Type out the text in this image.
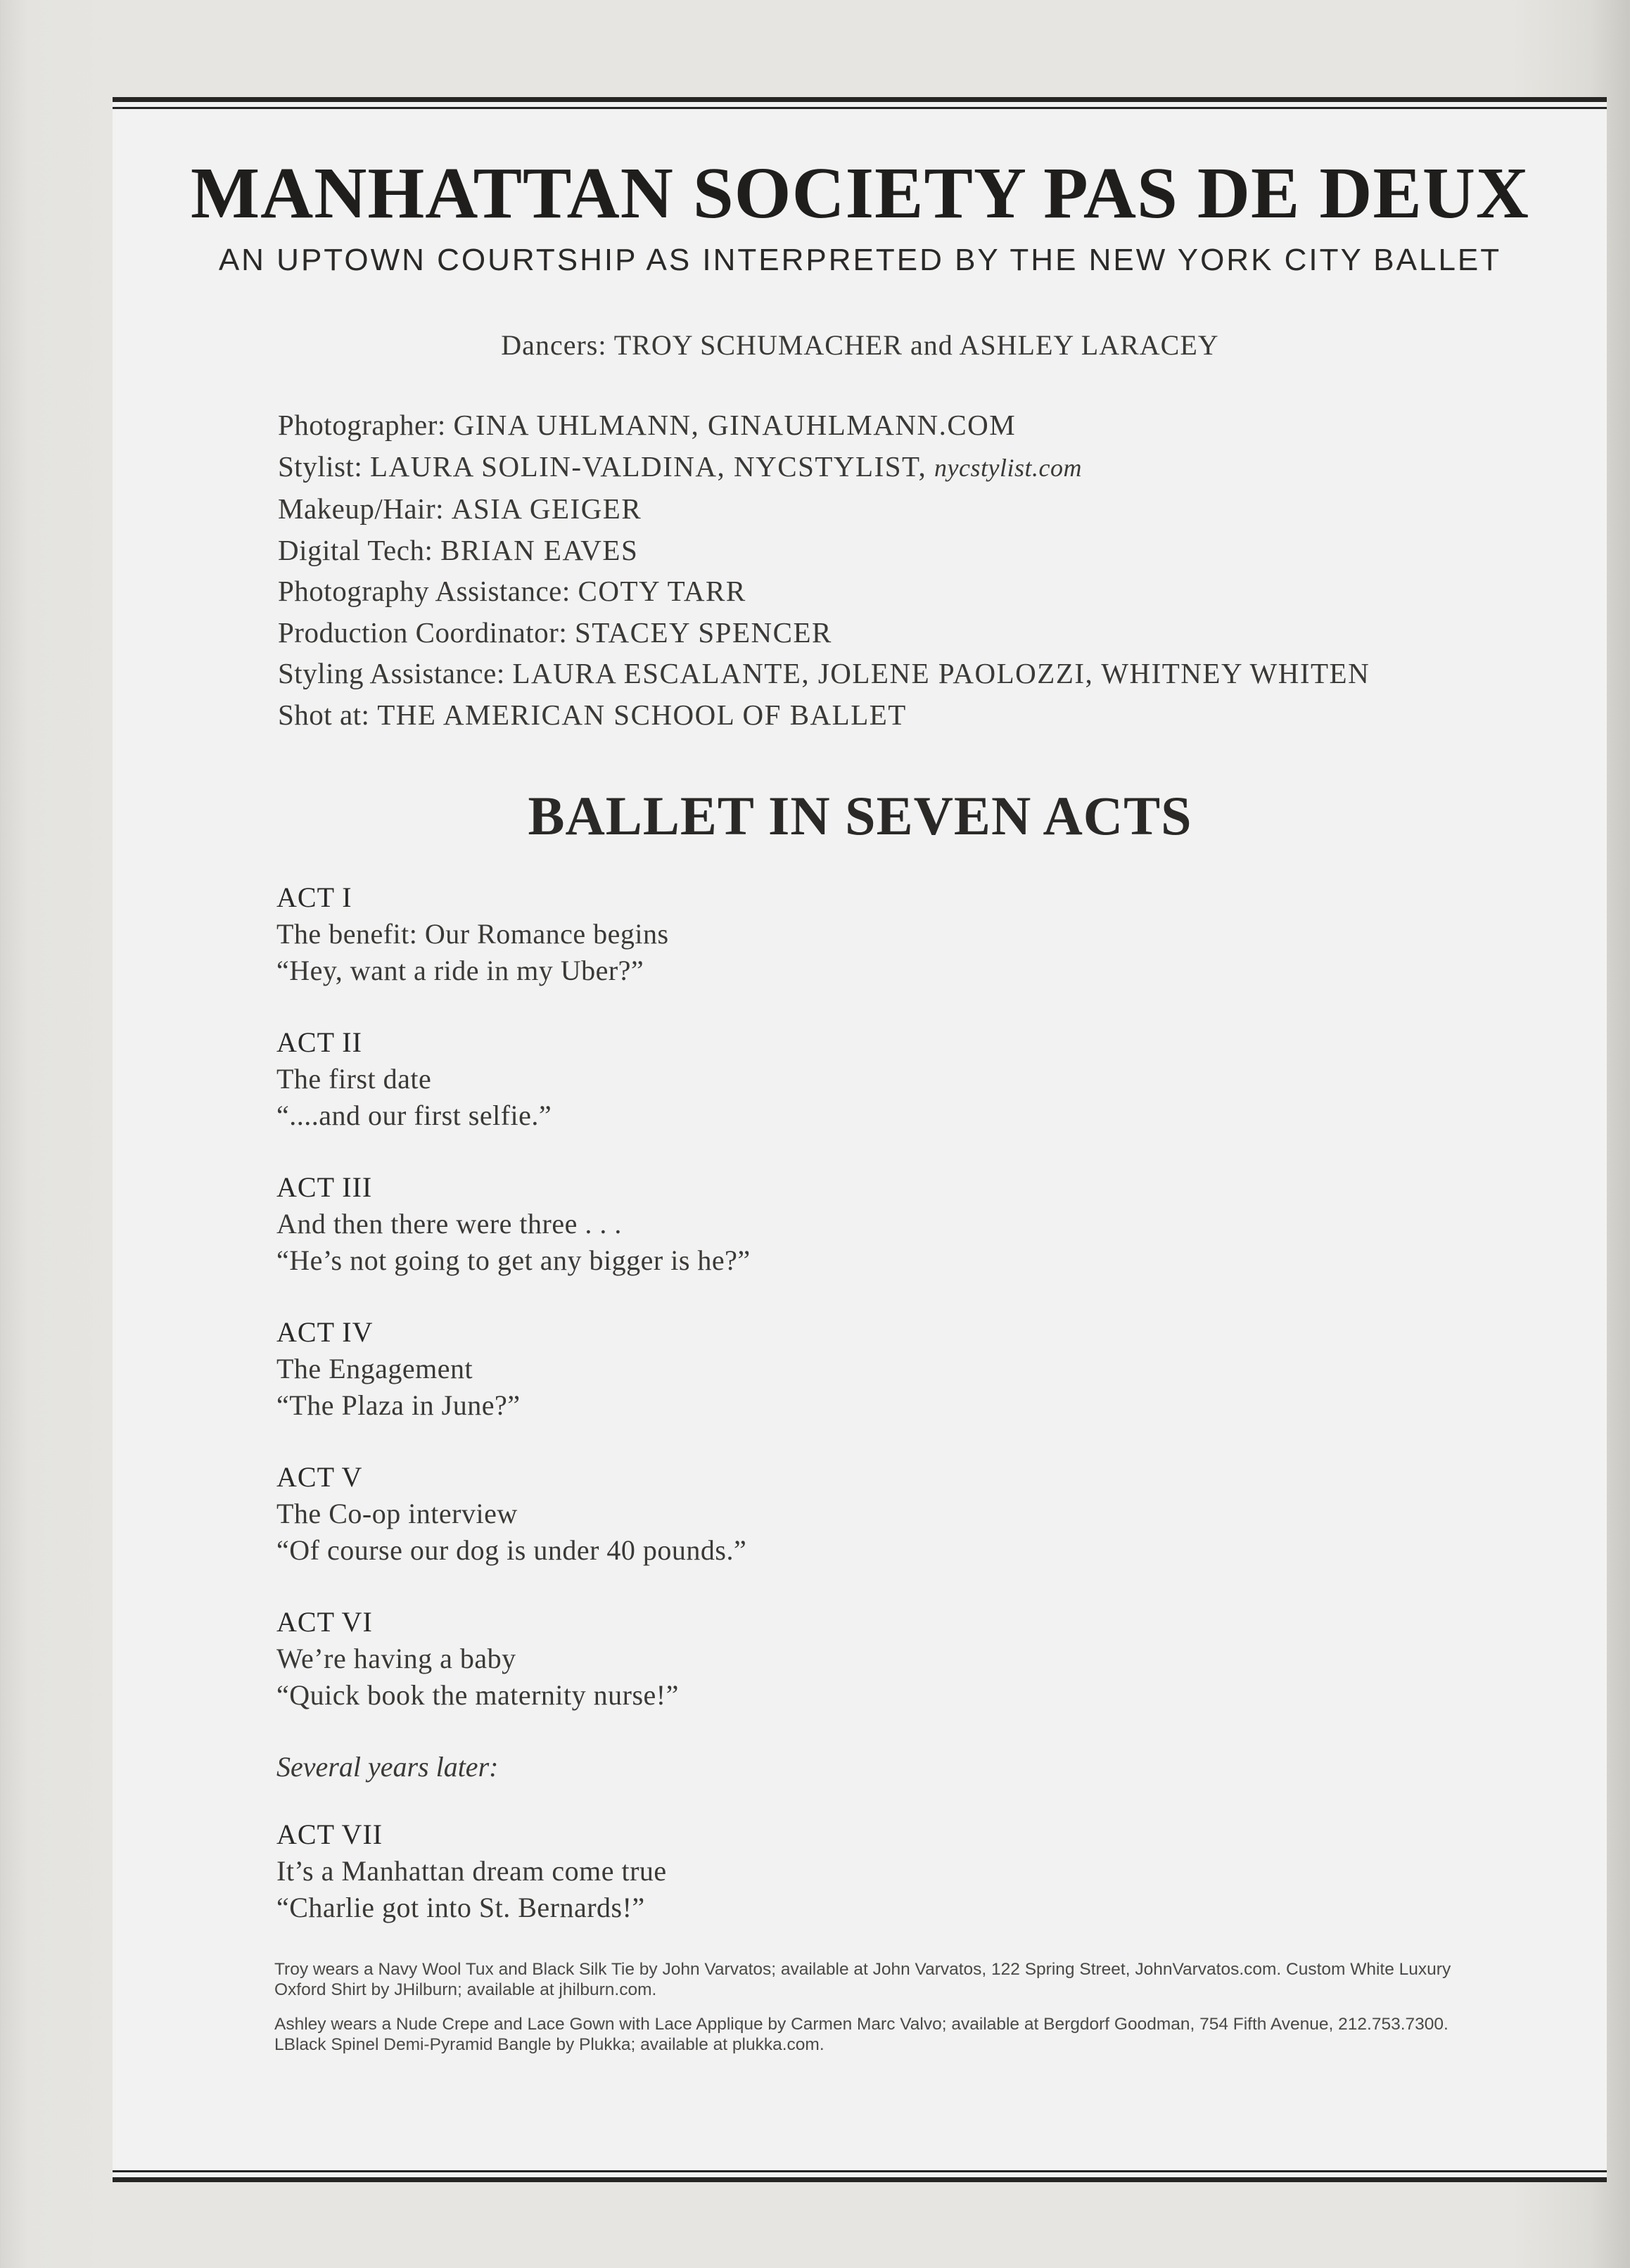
MANHATTAN SOCIETY PAS DE DEUX
AN UPTOWN COURTSHIP AS INTERPRETED BY THE NEW YORK CITY BALLET
Dancers: TROY SCHUMACHER and ASHLEY LARACEY
Photographer: GINA UHLMANN, GINAUHLMANN.COM
Stylist: LAURA SOLIN-VALDINA, NYCSTYLIST, nycstylist.com
Makeup/Hair: ASIA GEIGER
Digital Tech: BRIAN EAVES
Photography Assistance: COTY TARR
Production Coordinator: STACEY SPENCER
Styling Assistance: LAURA ESCALANTE, JOLENE PAOLOZZI, WHITNEY WHITEN
Shot at: THE AMERICAN SCHOOL OF BALLET
BALLET IN SEVEN ACTS
ACT I
The benefit: Our Romance begins
“Hey, want a ride in my Uber?”
ACT II
The first date
“....and our first selfie.”
ACT III
And then there were three . . .
“He’s not going to get any bigger is he?”
ACT IV
The Engagement
“The Plaza in June?”
ACT V
The Co-op interview
“Of course our dog is under 40 pounds.”
ACT VI
We’re having a baby
“Quick book the maternity nurse!”
Several years later:
ACT VII
It’s a Manhattan dream come true
“Charlie got into St. Bernards!”
Troy wears a Navy Wool Tux and Black Silk Tie by John Varvatos; available at John Varvatos, 122 Spring Street, JohnVarvatos.com. Custom White Luxury Oxford Shirt by JHilburn; available at jhilburn.com.
Ashley wears a Nude Crepe and Lace Gown with Lace Applique by Carmen Marc Valvo; available at Bergdorf Goodman, 754 Fifth Avenue, 212.753.7300. LBlack Spinel Demi-Pyramid Bangle by Plukka; available at plukka.com.
